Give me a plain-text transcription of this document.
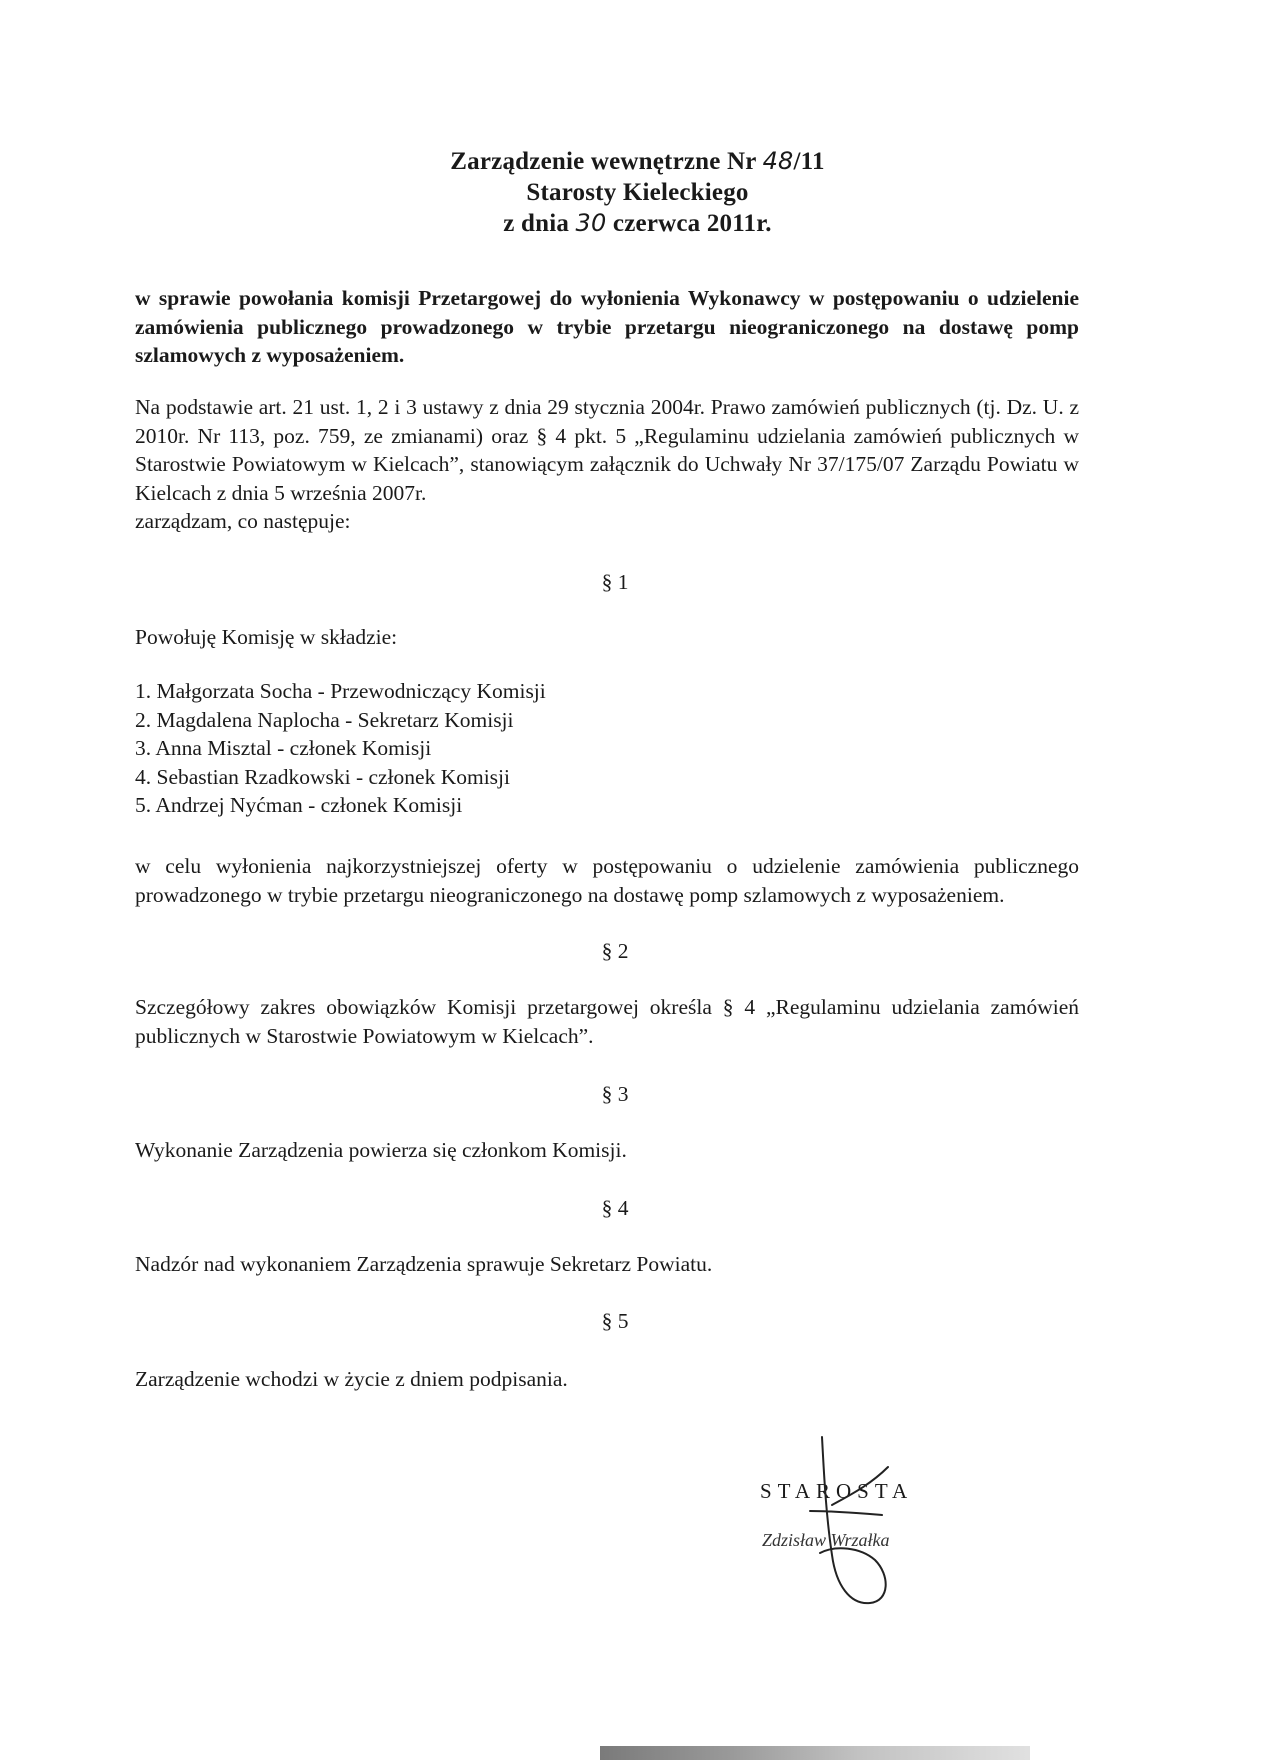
Zarządzenie wewnętrzne Nr 48/11
Starosty Kieleckiego
z dnia 30 czerwca 2011r.
w sprawie powołania komisji Przetargowej do wyłonienia Wykonawcy w postępowaniu o udzielenie zamówienia publicznego prowadzonego w trybie przetargu nieograniczonego na dostawę pomp szlamowych z wyposażeniem.
Na podstawie art. 21 ust. 1, 2 i 3 ustawy z dnia 29 stycznia 2004r. Prawo zamówień publicznych (tj. Dz. U. z 2010r. Nr 113, poz. 759, ze zmianami) oraz § 4 pkt. 5 „Regulaminu udzielania zamówień publicznych w Starostwie Powiatowym w Kielcach”, stanowiącym załącznik do Uchwały Nr 37/175/07 Zarządu Powiatu w Kielcach z dnia 5 września 2007r.
zarządzam, co następuje:
§ 1
Powołuję Komisję w składzie:
1. Małgorzata Socha - Przewodniczący Komisji
2. Magdalena Naplocha - Sekretarz Komisji
3. Anna Misztal - członek Komisji
4. Sebastian Rzadkowski - członek Komisji
5. Andrzej Nyćman - członek Komisji
w celu wyłonienia najkorzystniejszej oferty w postępowaniu o udzielenie zamówienia publicznego prowadzonego w trybie przetargu nieograniczonego na dostawę pomp szlamowych z wyposażeniem.
§ 2
Szczegółowy zakres obowiązków Komisji przetargowej określa § 4 „Regulaminu udzielania zamówień publicznych w Starostwie Powiatowym w Kielcach”.
§ 3
Wykonanie Zarządzenia powierza się członkom Komisji.
§ 4
Nadzór nad wykonaniem Zarządzenia sprawuje Sekretarz Powiatu.
§ 5
Zarządzenie wchodzi w życie z dniem podpisania.
STAROSTA
Zdzisław Wrzałka
